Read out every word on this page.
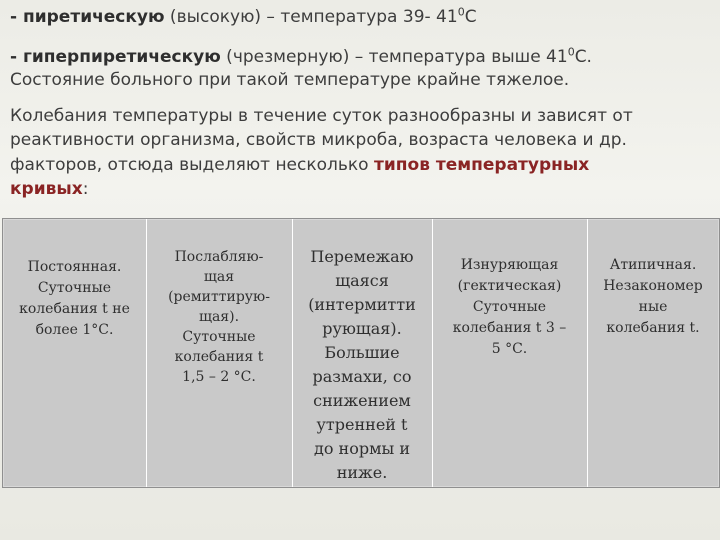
- пиретическую (высокую) – температура 39- $41^0С$
- гиперпиретическую (чрезмерную) – температура выше $41^0С$.
Состояние больного при такой температуре крайне тяжелое.
Колебания температуры в течение суток разнообразны и зависят от
реактивности организма, свойств микроба, возраста человека и др.
факторов, отсюда выделяют несколько типов температурных
кривых:
Постоянная.
Суточные
колебания t не
более 1°С.
Послабляю-
щая
(ремиттирую-
щая).
Суточные
колебания t
1,5 – 2 °С.
Перемежаю
щаяся
(интермитти
рующая).
Большие
размахи, со
снижением
утренней t
до нормы и
ниже.
Изнуряющая
(гектическая)
Суточные
колебания t 3 –
5 °С.
Атипичная.
Незакономер
ные
колебания t.
